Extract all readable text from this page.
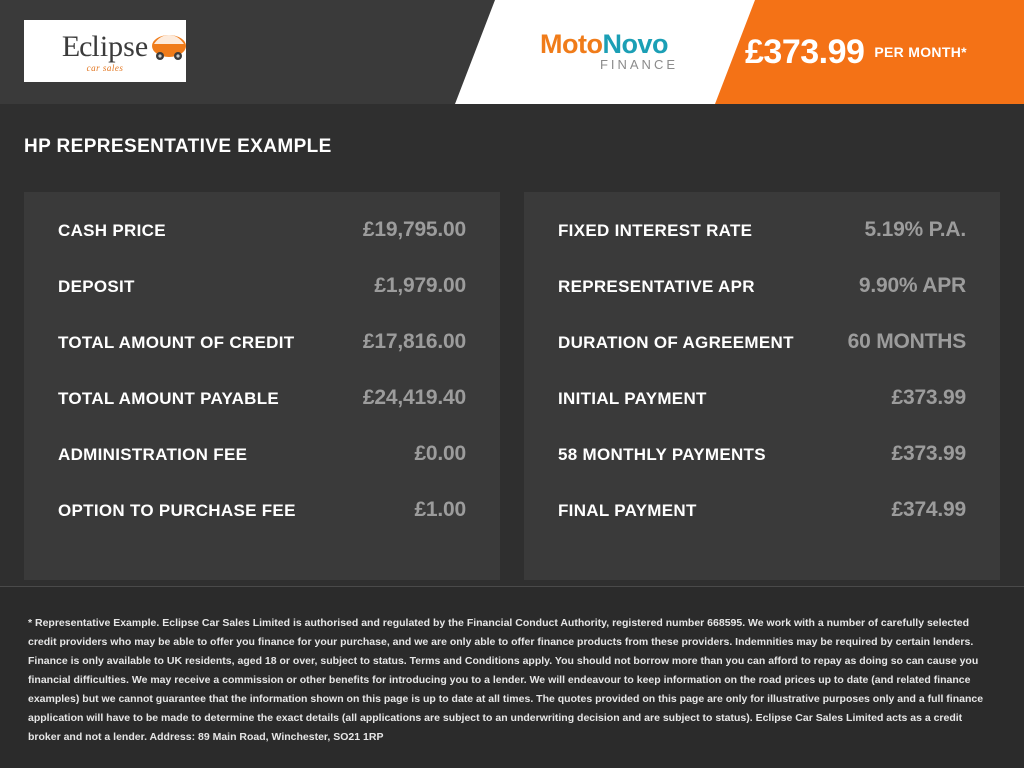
Eclipse
car sales
MotoNovo
FINANCE £373.99 PER MONTH*
HP REPRESENTATIVE EXAMPLE
CASH PRICE	£19,795.00
DEPOSIT	£1,979.00
TOTAL AMOUNT OF CREDIT	£17,816.00
TOTAL AMOUNT PAYABLE	£24,419.40
ADMINISTRATION FEE	£0.00
OPTION TO PURCHASE FEE	£1.00
FIXED INTEREST RATE	5.19% P.A.
REPRESENTATIVE APR	9.90% APR
DURATION OF AGREEMENT	60 MONTHS
INITIAL PAYMENT	£373.99
58 MONTHLY PAYMENTS	£373.99
FINAL PAYMENT	£374.99

* Representative Example. Eclipse Car Sales Limited is authorised and regulated by the Financial Conduct Authority, registered number 668595. We work with a number of carefully selected credit providers who may be able to offer you finance for your purchase, and we are only able to offer finance products from these providers. Indemnities may be required by certain lenders. Finance is only available to UK residents, aged 18 or over, subject to status. Terms and Conditions apply. You should not borrow more than you can afford to repay as doing so can cause you financial difficulties. We may receive a commission or other benefits for introducing you to a lender. We will endeavour to keep information on the road prices up to date (and related finance examples) but we cannot guarantee that the information shown on this page is up to date at all times. The quotes provided on this page are only for illustrative purposes only and a full finance application will have to be made to determine the exact details (all applications are subject to an underwriting decision and are subject to status). Eclipse Car Sales Limited acts as a credit broker and not a lender. Address: 89 Main Road, Winchester, SO21 1RP
